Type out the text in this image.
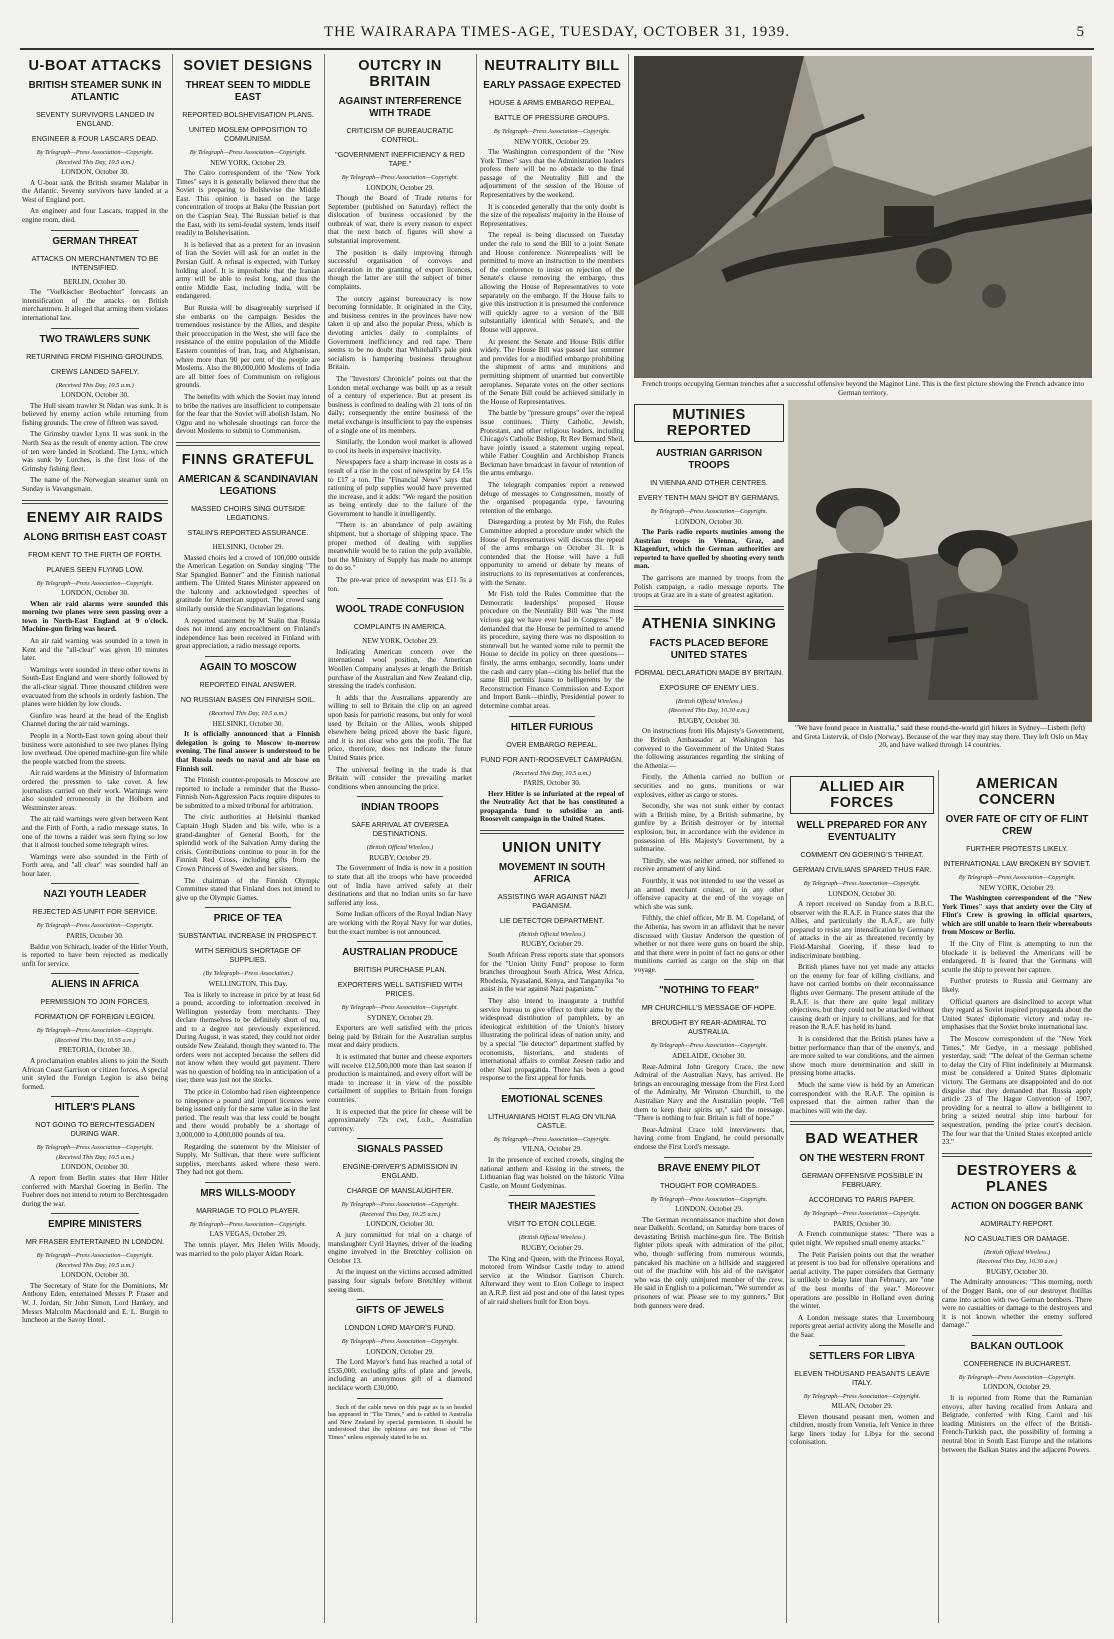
THE WAIRARAPA TIMES-AGE, TUESDAY, OCTOBER 31, 1939.	5
U-BOAT ATTACKS
BRITISH STEAMER SUNK IN ATLANTIC
SEVENTY SURVIVORS LANDED IN ENGLAND.
ENGINEER & FOUR LASCARS DEAD.
By Telegraph—Press Association—Copyright.
(Received This Day, 10.5 a.m.)
LONDON, October 30.

A U-boat sank the British steamer Malabar in the Atlantic. Seventy survivors have landed at a West of England port.

An engineer and four Lascars, trapped in the engine room, died.

GERMAN THREAT
ATTACKS ON MERCHANTMEN TO BE INTENSIFIED.
BERLIN, October 30.

The "Voelkischer Beobachter" forecasts an intensification of the attacks on British merchantmen. It alleged that arming them violates international law.

TWO TRAWLERS SUNK
RETURNING FROM FISHING GROUNDS.
CREWS LANDED SAFELY.
(Received This Day, 10.5 a.m.)
LONDON, October 30.

The Hull steam trawler St Nidan was sunk. It is believed by enemy action while returning from fishing grounds. The crew of fifteen was saved.

The Grimsby trawler Lynx II was sunk in the North Sea as the result of enemy action. The crew of ten were landed in Scotland. The Lynx, which was sunk by Lurches, is the first loss of the Grimsby fishing fleet.

The name of the Norwegian steamer sunk on Sunday is Vavangsmain.

ENEMY AIR RAIDS
ALONG BRITISH EAST COAST
FROM KENT TO THE FIRTH OF FORTH.
PLANES SEEN FLYING LOW.
By Telegraph—Press Association—Copyright.
LONDON, October 30.

When air raid alarms were sounded this morning two planes were seen passing over a town in North-East England at 9 o'clock. Machine-gun firing was heard.

An air raid warning was sounded in a town in Kent and the "all-clear" was given 10 minutes later.

Warnings were sounded in three other towns in South-East England and were shortly followed by the all-clear signal. Three thousand children were evacuated from the schools in orderly fashion. The planes were hidden by low clouds.

Gunfire was heard at the head of the English Channel during the air raid warnings.

People in a North-East town going about their business were astonished to see two planes flying low overhead. One opened machine-gun fire while the people watched from the streets.

Air raid wardens at the Ministry of Information ordered the pressmen to take cover. A few journalists carried on their work. Warnings were also sounded erroneously in the Holborn and Westminster areas.

The air raid warnings were given between Kent and the Firth of Forth, a radio message states. In one of the towns a raider was seen flying so low that it almost touched some telegraph wires.

Warnings were also sounded in the Firth of Forth area, and "all clear" was sounded half an hour later.

NAZI YOUTH LEADER
REJECTED AS UNFIT FOR SERVICE.
By Telegraph—Press Association—Copyright.
PARIS, October 30.

Baldur von Schirach, leader of the Hitler Youth, is reported to have been rejected as medically unfit for service.

ALIENS IN AFRICA
PERMISSION TO JOIN FORCES.
FORMATION OF FOREIGN LEGION.
By Telegraph—Press Association—Copyright.
(Received This Day, 10.55 a.m.)
PRETORIA, October 30.

A proclamation enables aliens to join the South African Coast Garrison or citizen forces. A special unit styled the Foreign Legion is also being formed.

HITLER'S PLANS
NOT GOING TO BERCHTESGADEN DURING WAR.
By Telegraph—Press Association—Copyright.
(Received This Day, 10.5 a.m.)
LONDON, October 30.

A report from Berlin states that Herr Hitler conferred with Marshal Goering in Berlin. The Fuehrer does not intend to return to Berchtesgaden during the war.

EMPIRE MINISTERS
MR FRASER ENTERTAINED IN LONDON.
By Telegraph—Press Association—Copyright.
(Received This Day, 10.5 a.m.)
LONDON, October 30.

The Secretary of State for the Dominions, Mr Anthony Eden, entertained Messrs P. Fraser and W. J. Jordan, Sir John Simon, Lord Hankey, and Messrs Malcolm Macdonald and E. L. Burgin to luncheon at the Savoy Hotel.

SOVIET DESIGNS
THREAT SEEN TO MIDDLE EAST
REPORTED BOLSHEVISATION PLANS.
UNITED MOSLEM OPPOSITION TO COMMUNISM.
By Telegraph—Press Association—Copyright.
NEW YORK, October 29.

The Cairo correspondent of the "New York Times" says it is generally believed there that the Soviet is preparing to Bolshevise the Middle East. This opinion is based on the large concentration of troops at Baku (the Russian port on the Caspian Sea). The Russian belief is that the East, with its semi-feudal system, lends itself readily to Bolshevisation.

It is believed that as a pretext for an invasion of Iran the Soviet will ask for an outlet in the Persian Gulf. A refusal is expected, with Turkey holding aloof. It is improbable that the Iranian army will be able to resist long, and thus the entire Middle East, including India, will be endangered.

But Russia will be disagreeably surprised if she embarks on the campaign. Besides the tremendous resistance by the Allies, and despite their preoccupation in the West, she will face the resistance of the entire population of the Middle Eastern countries of Iran, Iraq, and Afghanistan, where more than 90 per cent of the people are Moslems. Also the 80,000,000 Moslems of India are all bitter foes of Communism on religious grounds.

The benefits with which the Soviet may intend to bribe the natives are insufficient to compensate for the fear that the Soviet will abolish Islam. No Ogpu and no wholesale shootings can force the devout Moslems to submit to Communism.

FINNS GRATEFUL
AMERICAN & SCANDINAVIAN LEGATIONS
MASSED CHOIRS SING OUTSIDE LEGATIONS.
STALIN'S REPORTED ASSURANCE.
HELSINKI, October 29.

Massed choirs led a crowd of 100,000 outside the American Legation on Sunday singing "The Star Spangled Banner" and the Finnish national anthem. The United States Minister appeared on the balcony and acknowledged speeches of gratitude for American support. The crowd sang similarly outside the Scandinavian legations.

A reported statement by M Stalin that Russia does not intend any encroachment on Finland's independence has been received in Finland with great appreciation, a radio message reports.

AGAIN TO MOSCOW
REPORTED FINAL ANSWER.
NO RUSSIAN BASES ON FINNISH SOIL.
(Received This Day, 10.5 a.m.)
HELSINKI, October 30.

It is officially announced that a Finnish delegation is going to Moscow to-morrow evening. The final answer is understood to be that Russia needs no naval and air base on Finnish soil.

The Finnish counter-proposals to Moscow are reported to include a reminder that the Russo-Finnish Non-Aggression Pacts require disputes to be submitted to a mixed tribunal for arbitration.

The civic authorities at Helsinki thanked Captain Hugh Sladen and his wife, who is a grand-daughter of General Booth, for the splendid work of the Salvation Army during the crisis. Contributions continue to pour in for the Finnish Red Cross, including gifts from the Crown Princess of Sweden and her sisters.

The chairman of the Finnish Olympic Committee stated that Finland does not intend to give up the Olympic Games.

PRICE OF TEA
SUBSTANTIAL INCREASE IN PROSPECT.
WITH SERIOUS SHORTAGE OF SUPPLIES.
(By Telegraph—Press Association.)
WELLINGTON, This Day.

Tea is likely to increase in price by at least 6d a pound, according to information received in Wellington yesterday from merchants. They declare themselves to be definitely short of tea, and to a degree not previously experienced. During August, it was stated, they could not order outside New Zealand, though they wanted to. The orders were not accepted because the sellers did not know when they would get payment. There was no question of holding tea in anticipation of a rise; there was just not the stocks.

The price in Colombo had risen eighteenpence to ninepence a pound and import licences were being issued only for the same value as in the last period. The result was that less could be bought and there would probably be a shortage of 3,000,000 to 4,000,000 pounds of tea.

Regarding the statement by the Minister of Supply, Mr Sullivan, that there were sufficient supplies, merchants asked where these were. They had not got them.

MRS WILLS-MOODY
MARRIAGE TO POLO PLAYER.
By Telegraph—Press Association—Copyright.
LAS VEGAS, October 29.

The tennis player, Mrs Helen Wills Moody, was married to the polo player Aidan Roark.

OUTCRY IN BRITAIN
AGAINST INTERFERENCE WITH TRADE
CRITICISM OF BUREAUCRATIC CONTROL.
"GOVERNMENT INEFFICIENCY & RED TAPE."
By Telegraph—Press Association—Copyright.
LONDON, October 29.

Though the Board of Trade returns for September (published on Saturday) reflect the dislocation of business occasioned by the outbreak of war, there is every reason to expect that the next batch of figures will show a substantial improvement.

The position is daily improving through successful organisation of convoys and acceleration in the granting of export licences, though the latter are still the subject of bitter complaints.

The outcry against bureaucracy is now becoming formidable. It originated in the City, and business centres in the provinces have now taken it up and also the popular Press, which is devoting articles daily to complaints of Government inefficiency and red tape. There seems to be no doubt that Whitehall's pale pink socialism is hampering business throughout Britain.

The "Investors' Chronicle" points out that the London metal exchange was built up as a result of a century of experience. But at present its business is confined to dealing with 21 tons of tin daily; consequently the entire business of the metal exchange is insufficient to pay the expenses of a single one of its members.

Similarly, the London wool market is allowed to cool its heels in expensive inactivity.

Newspapers face a sharp increase in costs as a result of a rise in the cost of newsprint by £4 15s to £17 a ton. The "Financial News" says that rationing of pulp supplies would have prevented the increase, and it adds: "We regard the position as being entirely due to the failure of the Government to handle it intelligently.

"There is an abundance of pulp awaiting shipment, but a shortage of shipping space. The proper method of dealing with supplies meanwhile would be to ration the pulp available, but the Ministry of Supply has made no attempt to do so."

The pre-war price of newsprint was £11 5s a ton.

WOOL TRADE CONFUSION
COMPLAINTS IN AMERICA.
NEW YORK, October 29.

Indicating American concern over the international wool position, the American Woollen Company analyses at length the British purchase of the Australian and New Zealand clip, stressing the trade's confusion.

It adds that the Australians apparently are willing to sell to Britain the clip on an agreed upon basis for patriotic reasons, but only for wool used by Britain or the Allies, wools shipped elsewhere being priced above the basic figure, and it is not clear who gets the profit. The flat price, therefore, does not indicate the future United States price.

The universal feeling in the trade is that Britain will consider the prevailing market conditions when announcing the price.

INDIAN TROOPS
SAFE ARRIVAL AT OVERSEA DESTINATIONS.
(British Official Wireless.)
RUGBY, October 29.

The Government of India is now in a position to state that all the troops who have proceeded out of India have arrived safely at their destinations and that no Indian units so far have suffered any loss.

Some Indian officers of the Royal Indian Navy are working with the Royal Navy for war duties, but the exact number is not announced.

AUSTRALIAN PRODUCE
BRITISH PURCHASE PLAN.
EXPORTERS WELL SATISFIED WITH PRICES.
By Telegraph—Press Association—Copyright.
SYDNEY, October 29.

Exporters are well satisfied with the prices being paid by Britain for the Australian surplus meat and dairy products.

It is estimated that butter and cheese exporters will receive £12,500,000 more than last season if production is maintained, and every effort will be made to increase it in view of the possible curtailment of supplies to Britain from foreign countries.

It is expected that the price for cheese will be approximately 72s cwt, f.o.b., Australian currency.

SIGNALS PASSED
ENGINE-DRIVER'S ADMISSION IN ENGLAND.
CHARGE OF MANSLAUGHTER.
By Telegraph—Press Association—Copyright.
(Received This Day, 10.25 a.m.)
LONDON, October 30.

A jury committed for trial on a charge of manslaughter Cyril Haynes, driver of the leading engine involved in the Bretchley collision on October 13.

At the inquest on the victims accused admitted passing four signals before Bretchley without seeing them.

GIFTS OF JEWELS
LONDON LORD MAYOR'S FUND.
By Telegraph—Press Association—Copyright.
LONDON, October 29.

The Lord Mayor's fund has reached a total of £535,000, excluding gifts of plate and jewels, including an anonymous gift of a diamond necklace worth £30,000.

Such of the cable news on this page as is so headed has appeared in "The Times," and is cabled to Australia and New Zealand by special permission. It should be understood that the opinions are not those of "The Times" unless expressly stated to be so.

NEUTRALITY BILL
EARLY PASSAGE EXPECTED
HOUSE & ARMS EMBARGO REPEAL.
BATTLE OF PRESSURE GROUPS.
By Telegraph—Press Association—Copyright.
NEW YORK, October 29.

The Washington correspondent of the "New York Times" says that the Administration leaders profess there will be no obstacle to the final passage of the Neutrality Bill and the adjournment of the session of the House of Representatives by the weekend.

It is conceded generally that the only doubt is the size of the repealists' majority in the House of Representatives.

The repeal is being discussed on Tuesday under the rule to send the Bill to a joint Senate and House conference. Nonrepealists will be permitted to move an instruction to the members of the conference to insist on rejection of the Senate's clause removing the embargo, thus allowing the House of Representatives to vote separately on the embargo. If the House fails to give this instruction it is presumed the conference will quickly agree to a version of the Bill substantially identical with Senate's, and the House will approve.

At present the Senate and House Bills differ widely. The House Bill was passed last summer and provides for a modified embargo prohibiting the shipment of arms and munitions and permitting shipment of unarmed but convertible aeroplanes. Separate votes on the other sections of the Senate Bill could be achieved similarly in the House of Representatives.

The battle by "pressure groups" over the repeal issue continues. Thirty Catholic, Jewish, Protestant, and other religious leaders, including Chicago's Catholic Bishop, Rt Rev Bernard Sheil, have jointly issued a statement urging repeal, while Father Coughlin and Archbishop Francis Beckman have broadcast in favour of retention of the arms embargo.

The telegraph companies report a renewed deluge of messages to Congressmen, mostly of the organised propaganda type, favouring retention of the embargo.

Disregarding a protest by Mr Fish, the Rules Committee adopted a procedure under which the House of Representatives will discuss the repeal of the arms embargo on October 31. It is contended that the House will have a full opportunity to amend or debate by means of instructions to its representatives at conferences, with the Senate.

Mr Fish told the Rules Committee that the Democratic leaderships' proposed House procedure on the Neutrality Bill was "the most vicious gag we have ever had in Congress." He demanded that the House be permitted to amend its procedure, saying there was no disposition to stonewall but he wanted some rule to permit the House to decide its policy on three questions—firstly, the arms embargo, secondly, loans under the cash and carry plan—citing his belief that the same Bill permits loans to belligerents by the Reconstruction Finance Commission and Export and Import Bank—thirdly, Presidential power to determine combat areas.

HITLER FURIOUS
OVER EMBARGO REPEAL.
FUND FOR ANTI-ROOSEVELT CAMPAIGN.
(Received This Day, 10.5 a.m.)
PARIS, October 30.

Herr Hitler is so infuriated at the repeal of the Neutrality Act that he has constituted a propaganda fund to subsidise an anti-Roosevelt campaign in the United States.

UNION UNITY
MOVEMENT IN SOUTH AFRICA
ASSISTING WAR AGAINST NAZI PAGANISM.
LIE DETECTOR DEPARTMENT.
(British Official Wireless.)
RUGBY, October 29.

South African Press reports state that sponsors for the "Union Unity Fund" propose to form branches throughout South Africa, West Africa, Rhodesia, Nyasaland, Kenya, and Tanganyika "to assist in the war against Nazi paganism."

They also intend to inaugurate a truthful service bureau to give effect to their aims by the widespread distribution of pamphlets, by an ideological exhibition of the Union's history illustrating the political ideas of nation unity, and by a special "lie detector" department staffed by economists, historians, and students of international affairs to combat Zeesen radio and other Nazi propaganda. There has been a good response to the first appeal for funds.

EMOTIONAL SCENES
LITHUANIANS HOIST FLAG ON VILNA CASTLE.
By Telegraph—Press Association—Copyright.
VILNA, October 29.

In the presence of excited crowds, singing the national anthem and kissing in the streets, the Lithuanian flag was hoisted on the historic Vilna Castle, on Mount Gedyminas.

THEIR MAJESTIES
VISIT TO ETON COLLEGE.
(British Official Wireless.)
RUGBY, October 29.

The King and Queen, with the Princess Royal, motored from Windsor Castle today to attend service at the Windsor Garrison Church. Afterward they went to Eton College to inspect an A.R.P. first aid post and one of the latest types of air raid shelters built for Eton boys.

French troops occupying German trenches after a successful offensive beyond the Maginot Line. This is the first picture showing the French advance into German territory.
MUTINIES REPORTED
AUSTRIAN GARRISON TROOPS
IN VIENNA AND OTHER CENTRES.
EVERY TENTH MAN SHOT BY GERMANS.
By Telegraph—Press Association—Copyright.
LONDON, October 30.

The Paris radio reports mutinies among the Austrian troops in Vienna, Graz, and Klagenfurt, which the German authorities are reported to have quelled by shooting every tenth man.

The garrisons are manned by troops from the Polish campaign, a radio message reports. The troops at Graz are in a state of greatest agitation.

ATHENIA SINKING
FACTS PLACED BEFORE UNITED STATES
FORMAL DECLARATION MADE BY BRITAIN.
EXPOSURE OF ENEMY LIES.
(British Official Wireless.)
(Received This Day, 10.30 a.m.)
RUGBY, October 30.

On instructions from His Majesty's Government, the British Ambassador at Washington has conveyed to the Government of the United States the following assurances regarding the sinking of the Athenia:—

Firstly, the Athenia carried no bullion or securities and no guns, munitions or war explosives, either as cargo or stores.

Secondly, she was not sunk either by contact with a British mine, by a British submarine, by gunfire by a British destroyer or by internal explosion, but, in accordance with the evidence in possession of His Majesty's Government, by a submarine.

Thirdly, she was neither armed, nor stiffened to receive armament of any kind.

Fourthly, it was not intended to use the vessel as an armed merchant cruiser, or in any other offensive capacity at the end of the voyage on which she was sunk.

Fifthly, the chief officer, Mr B. M. Copeland, of the Athenia, has sworn in an affidavit that he never discussed with Gustav Anderson the question of whether or not there were guns on board the ship, and that there were in point of fact no guns or other munitions carried as cargo on the ship on that voyage.

"NOTHING TO FEAR"
MR CHURCHILL'S MESSAGE OF HOPE.
BROUGHT BY REAR-ADMIRAL TO AUSTRALIA.
By Telegraph—Press Association—Copyright.
ADELAIDE, October 30.

Rear-Admiral John Gregory Crace, the new Admiral of the Australian Navy, has arrived. He brings an encouraging message from the First Lord of the Admiralty, Mr Winston Churchill, to the Australian Navy and the Australian people. "Tell them to keep their spirits up," said the message. "There is nothing to fear. Britain is full of hope."

Rear-Admiral Crace told interviewers that, having come from England, he could personally endorse the First Lord's message.

BRAVE ENEMY PILOT
THOUGHT FOR COMRADES.
By Telegraph—Press Association—Copyright.
LONDON, October 29.

The German reconnaissance machine shot down near Dalkeith, Scotland, on Saturday bore traces of devastating British machine-gun fire. The British fighter pilots speak with admiration of the pilot, who, though suffering from numerous wounds, pancaked his machine on a hillside and staggered out of the machine with his aid of the navigator who was the only uninjured member of the crew. He said in English to a policeman, "We surrender as prisoners of war. Please see to my gunners." But both gunners were dead.

"We have found peace in Australia," said these round-the-world girl hikers in Sydney—Lisbeth (left) and Greta Listervik, of Oslo (Norway). Because of the war they may stay there. They left Oslo on May 20, and have walked through 14 countries.
ALLIED AIR FORCES
WELL PREPARED FOR ANY EVENTUALITY
COMMENT ON GOERING'S THREAT.
GERMAN CIVILIANS SPARED THUS FAR.
By Telegraph—Press Association—Copyright.
LONDON, October 30.

A report received on Sunday from a B.B.C. observer with the R.A.F. in France states that the Allies, and particularly the R.A.F., are fully prepared to resist any intensification by Germany of attacks in the air as threatened recently by Field-Marshal Goering, if these lead to indiscriminate bombing.

British planes have not yet made any attacks on the enemy for fear of killing civilians, and have not carried bombs on their reconnaissance flights over Germany. The present attitude of the R.A.F. is that there are quite legal military objectives, but they could not be attacked without causing death or injury to civilians, and for that reason the R.A.F. has held its hand.

It is considered that the British planes have a better performance than that of the enemy's, and are more suited to war conditions, and the airmen show much more determination and skill in pressing home attacks.

Much the same view is held by an American correspondent with the R.A.F. The opinion is expressed that the airmen rather than the machines will win the day.

BAD WEATHER
ON THE WESTERN FRONT
GERMAN OFFENSIVE POSSIBLE IN FEBRUARY.
ACCORDING TO PARIS PAPER.
By Telegraph—Press Association—Copyright.
PARIS, October 30.

A French communique states: "There was a quiet night. We repulsed small enemy attacks."

The Petit Parisien points out that the weather at present is too bad for offensive operations and aerial activity. The paper considers that Germany is unlikely to delay later than February, are "one of the best months of the year." Moreover operations are possible in Holland even during the winter.

A London message states that Luxembourg reports great aerial activity along the Moselle and the Saar.

SETTLERS FOR LIBYA
ELEVEN THOUSAND PEASANTS LEAVE ITALY.
By Telegraph—Press Association—Copyright.
MILAN, October 29.

Eleven thousand peasant men, women and children, mostly from Venetia, left Venice in three large liners today for Libya for the second colonisation.

AMERICAN CONCERN
OVER FATE OF CITY OF FLINT CREW
FURTHER PROTESTS LIKELY.
INTERNATIONAL LAW BROKEN BY SOVIET.
By Telegraph—Press Association—Copyright.
NEW YORK, October 29.

The Washington correspondent of the "New York Times" says that anxiety over the City of Flint's Crew is growing in official quarters, which are still unable to learn their whereabouts from Moscow or Berlin.

If the City of Flint is attempting to run the blockade it is believed the Americans will be endangered. It is feared that the Germans will scuttle the ship to prevent her capture.

Further protests to Russia and Germany are likely.

Official quarters are disinclined to accept what they regard as Soviet inspired propaganda about the United States' diplomatic victory and today re-emphasises that the Soviet broke international law.

The Moscow correspondent of the "New York Times," Mr Gedye, in a message published yesterday, said: "The defeat of the German scheme to delay the City of Flint indefinitely at Murmansk must be considered a United States diplomatic victory. The Germans are disappointed and do not disguise that they demanded that Russia apply article 23 of The Hague Convention of 1907, providing for a neutral to allow a belligerent to bring a seized neutral ship into harbour for sequestration, pending the prize court's decision. The four war that the United States excepted article 23."

DESTROYERS & PLANES
ACTION ON DOGGER BANK
ADMIRALTY REPORT.
NO CASUALTIES OR DAMAGE.
(British Official Wireless.)
(Received This Day, 10.30 a.m.)
RUGBY, October 30.

The Admiralty announces: "This morning, north of the Dogger Bank, one of our destroyer flotillas came into action with two German bombers. There were no casualties or damage to the destroyers and it is not known whether the enemy suffered damage."

BALKAN OUTLOOK
CONFERENCE IN BUCHAREST.
By Telegraph—Press Association—Copyright.
LONDON, October 29.

It is reported from Rome that the Rumanian envoys, after having recalled from Ankara and Belgrade, conferred with King Carol and his leading Ministers on the effect of the British-French-Turkish pact, the possibility of forming a neutral bloc in South East Europe and the relations between the Balkan States and the adjacent Powers.
